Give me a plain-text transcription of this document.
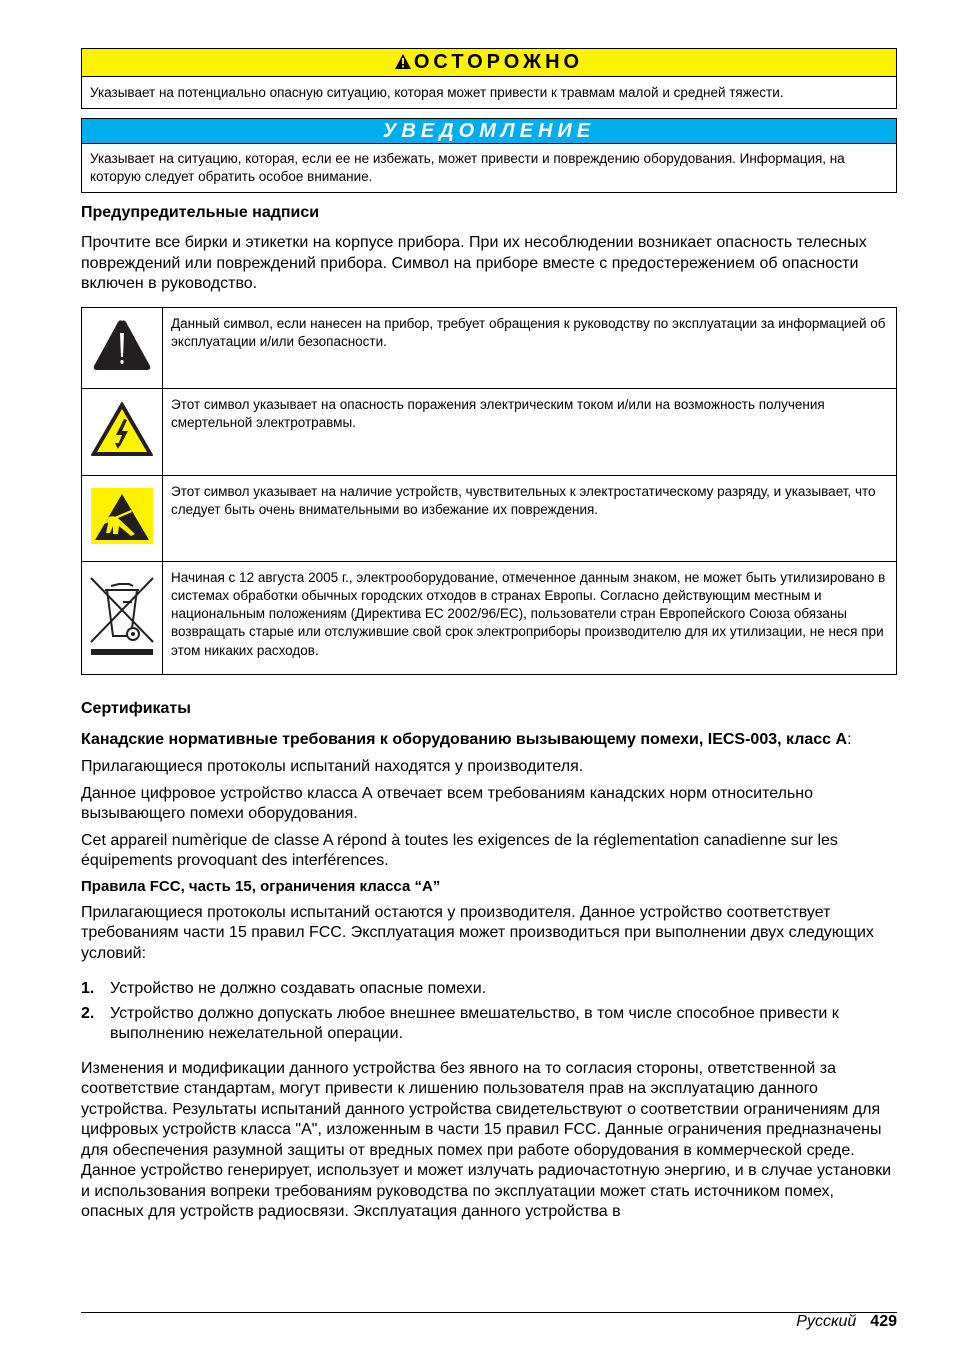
ОСТОРОЖНО
Указывает на потенциально опасную ситуацию, которая может привести к травмам малой и средней тяжести.
УВЕДОМЛЕНИЕ
Указывает на ситуацию, которая, если ее не избежать, может привести и повреждению оборудования. Информация, на которую следует обратить особое внимание.
Предупредительные надписи

Прочтите все бирки и этикетки на корпусе прибора. При их несоблюдении возникает опасность телесных повреждений или повреждений прибора. Символ на приборе вместе с предостережением об опасности включен в руководство.

	Данный символ, если нанесен на прибор, требует обращения к руководству по эксплуатации за информацией об эксплуатации и/или безопасности.
	Этот символ указывает на опасность поражения электрическим током и/или на возможность получения смертельной электротравмы.
	Этот символ указывает на наличие устройств, чувствительных к электростатическому разряду, и указывает, что следует быть очень внимательными во избежание их повреждения.
	Начиная с 12 августа 2005 г., электрооборудование, отмеченное данным знаком, не может быть утилизировано в системах обработки обычных городских отходов в странах Европы. Согласно действующим местным и национальным положениям (Директива ЕС 2002/96/EC), пользователи стран Европейского Союза обязаны возвращать старые или отслужившие свой срок электроприборы производителю для их утилизации, не неся при этом никаких расходов.
Сертификаты

Канадские нормативные требования к оборудованию вызывающему помехи, IECS-003, класс А:

Прилагающиеся протоколы испытаний находятся у производителя.

Данное цифровое устройство класса А отвечает всем требованиям канадских норм относительно вызывающего помехи оборудования.

Cet appareil numèrique de classe A répond à toutes les exigences de la réglementation canadienne sur les équipements provoquant des interférences.

Правила FCC, часть 15, ограничения класса “A”

Прилагающиеся протоколы испытаний остаются у производителя. Данное устройство соответствует требованиям части 15 правил FCC. Эксплуатация может производиться при выполнении двух следующих условий:

1. Устройство не должно создавать опасные помехи.
2. Устройство должно допускать любое внешнее вмешательство, в том числе способное привести к выполнению нежелательной операции.

Изменения и модификации данного устройства без явного на то согласия стороны, ответственной за соответствие стандартам, могут привести к лишению пользователя прав на эксплуатацию данного устройства. Результаты испытаний данного устройства свидетельствуют о соответствии ограничениям для цифровых устройств класса "A", изложенным в части 15 правил FCC. Данные ограничения предназначены для обеспечения разумной защиты от вредных помех при работе оборудования в коммерческой среде. Данное устройство генерирует, использует и может излучать радиочастотную энергию, и в случае установки и использования вопреки требованиям руководства по эксплуатации может стать источником помех, опасных для устройств радиосвязи. Эксплуатация данного устройства в

Русский 429
